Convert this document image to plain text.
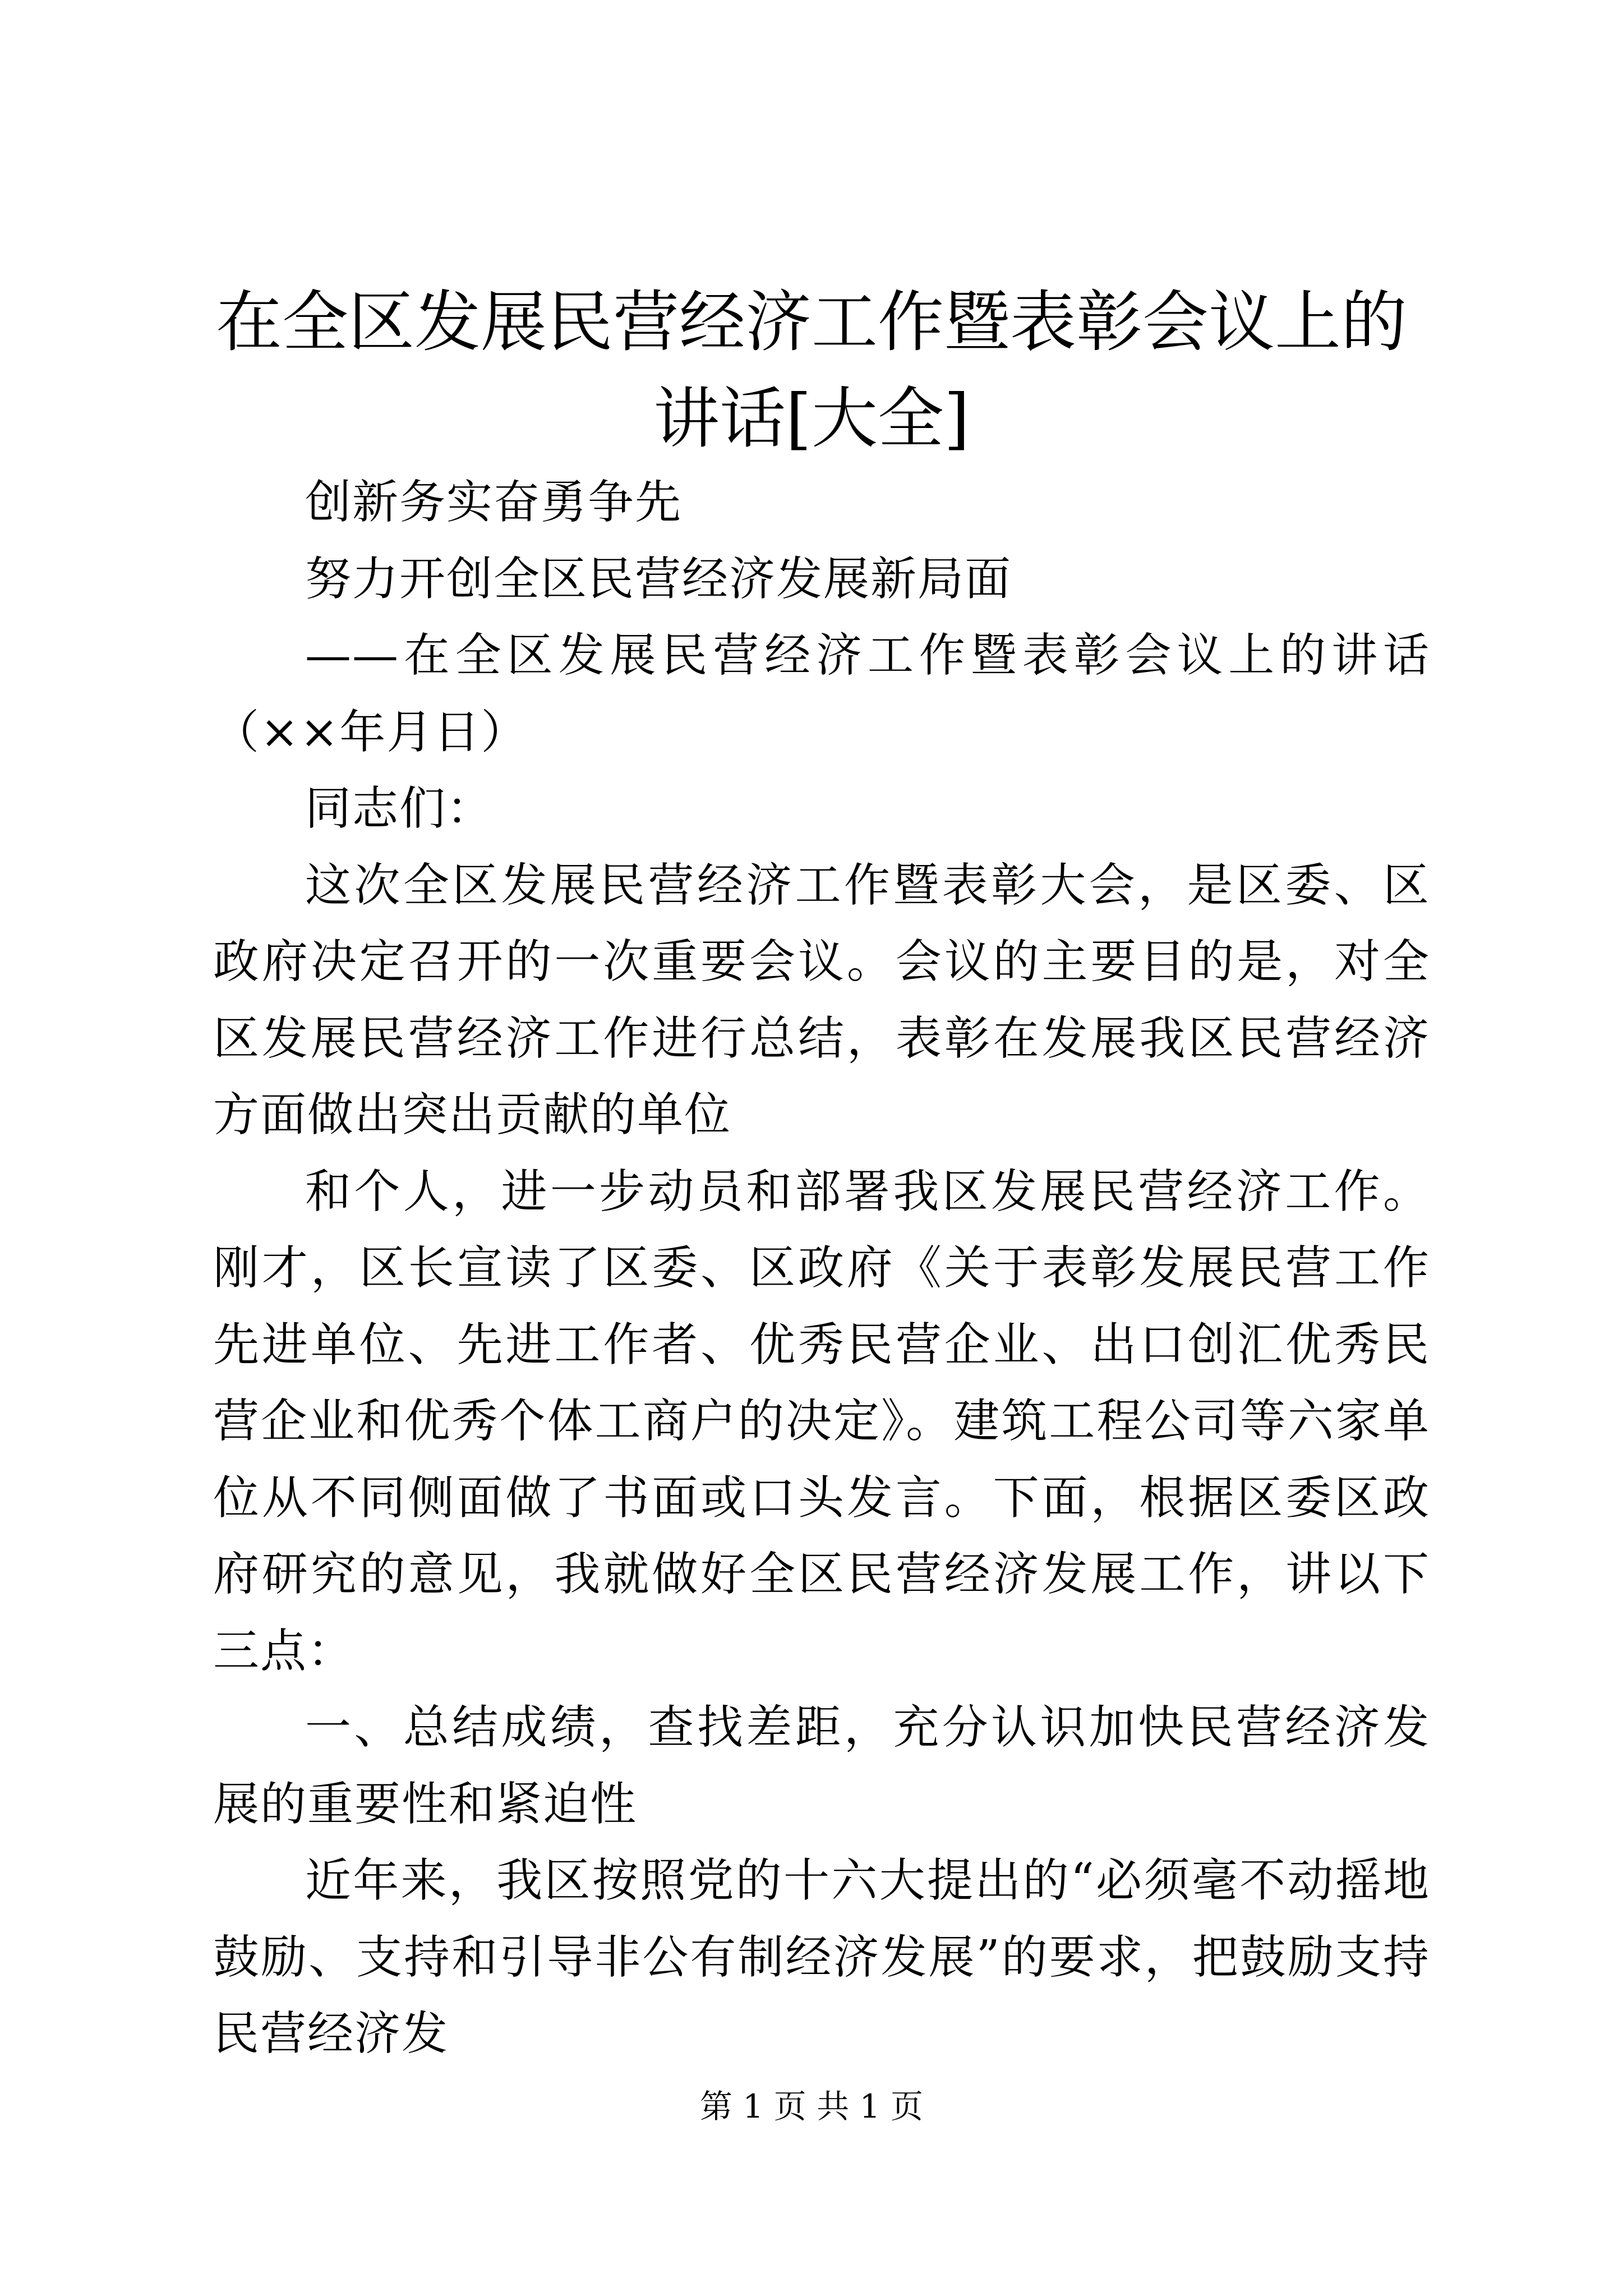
在全区发展民营经济工作暨表彰会议上的讲话[大全]

创新务实奋勇争先

努力开创全区民营经济发展新局面

——在全区发展民营经济工作暨表彰会议上的讲话（××年月日）

同志们：

这次全区发展民营经济工作暨表彰大会，是区委、区政府决定召开的一次重要会议。会议的主要目的是，对全区发展民营经济工作进行总结，表彰在发展我区民营经济方面做出突出贡献的单位

和个人，进一步动员和部署我区发展民营经济工作。刚才，区长宣读了区委、区政府《关于表彰发展民营工作先进单位、先进工作者、优秀民营企业、出口创汇优秀民营企业和优秀个体工商户的决定》。建筑工程公司等六家单位从不同侧面做了书面或口头发言。下面，根据区委区政府研究的意见，我就做好全区民营经济发展工作，讲以下三点：

一、总结成绩，查找差距，充分认识加快民营经济发展的重要性和紧迫性

近年来，我区按照党的十六大提出的“必须毫不动摇地鼓励、支持和引导非公有制经济发展”的要求，把鼓励支持民营经济发

第 1 页 共 1 页
